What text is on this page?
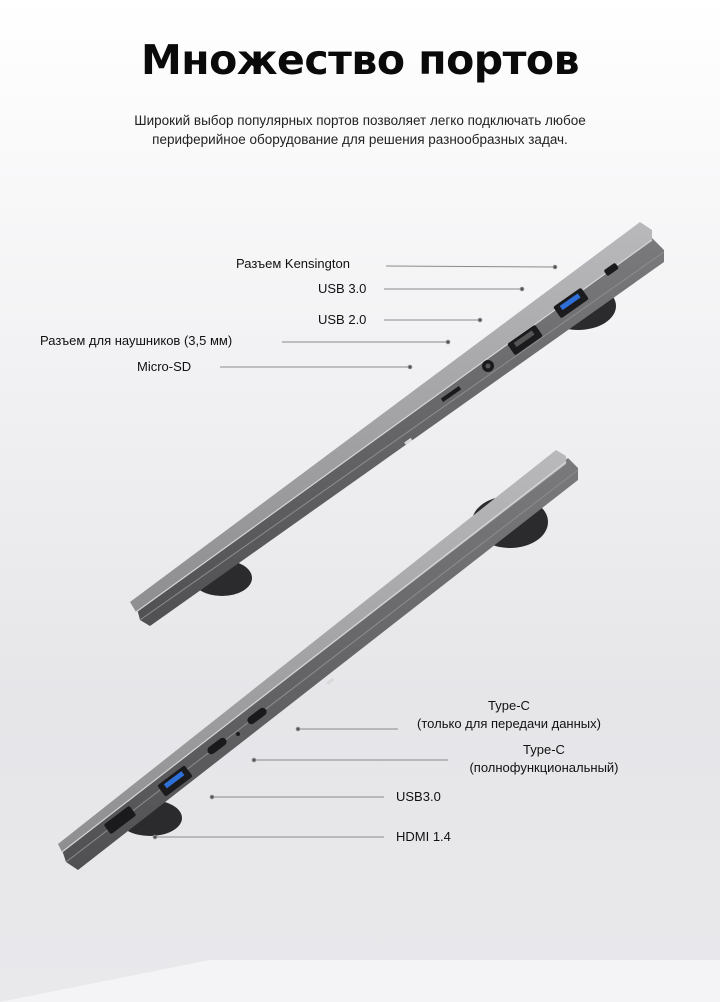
Множество портов
Широкий выбор популярных портов позволяет легко подключать любое
периферийное оборудование для решения разнообразных задач.
Разъем Kensington
USB 3.0
USB 2.0
Разъем для наушников (3,5 мм)
Micro-SD
Type-C
(только для передачи данных)
Type-C
(полнофункциональный)
USB3.0
HDMI 1.4
